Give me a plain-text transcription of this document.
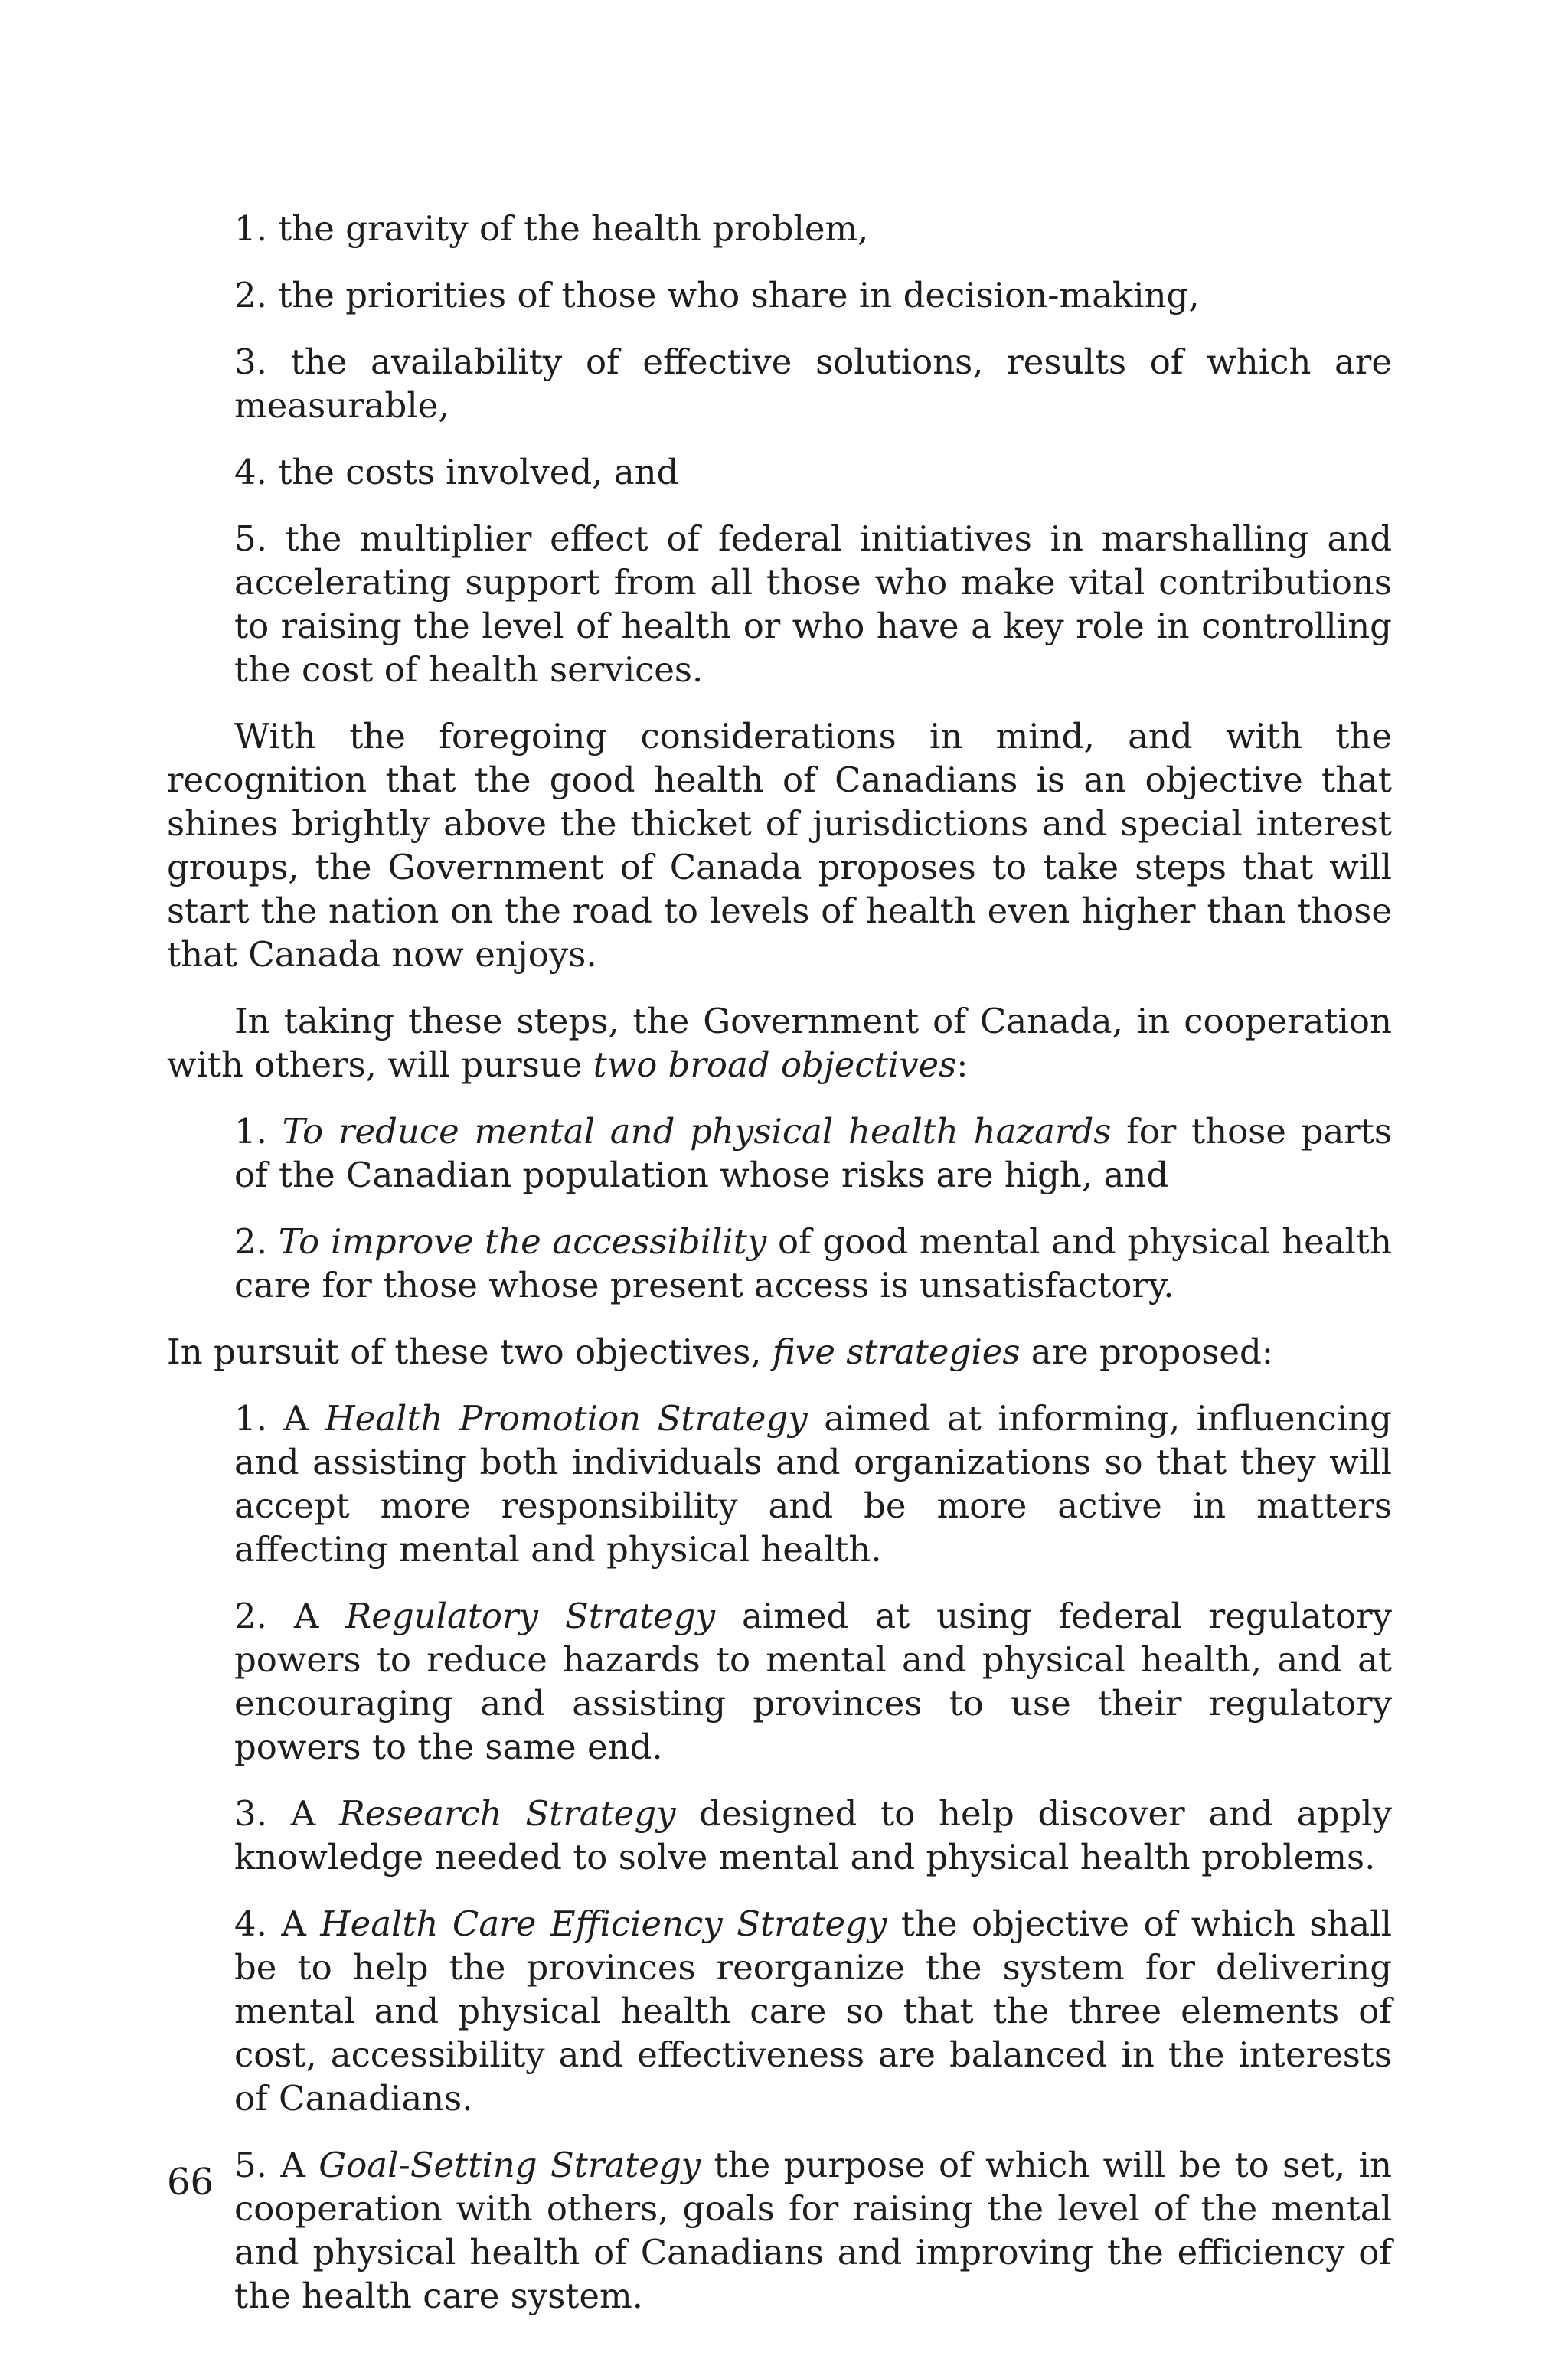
1. the gravity of the health problem,

2. the priorities of those who share in decision-making,

3. the availability of effective solutions, results of which are measurable,

4. the costs involved, and

5. the multiplier effect of federal initiatives in marshalling and accelerating support from all those who make vital contributions to raising the level of health or who have a key role in controlling the cost of health services.

With the foregoing considerations in mind, and with the recognition that the good health of Canadians is an objective that shines brightly above the thicket of jurisdictions and special interest groups, the Government of Canada proposes to take steps that will start the nation on the road to levels of health even higher than those that Canada now enjoys.

In taking these steps, the Government of Canada, in cooperation with others, will pursue two broad objectives:

1. To reduce mental and physical health hazards for those parts of the Canadian population whose risks are high, and

2. To improve the accessibility of good mental and physical health care for those whose present access is unsatisfactory.

In pursuit of these two objectives, five strategies are proposed:

1. A Health Promotion Strategy aimed at informing, influencing and assisting both individuals and organizations so that they will accept more responsibility and be more active in matters affecting mental and physical health.

2. A Regulatory Strategy aimed at using federal regulatory powers to reduce hazards to mental and physical health, and at encouraging and assisting provinces to use their regulatory powers to the same end.

3. A Research Strategy designed to help discover and apply knowledge needed to solve mental and physical health problems.

4. A Health Care Efficiency Strategy the objective of which shall be to help the provinces reorganize the system for delivering mental and physical health care so that the three elements of cost, accessibility and effectiveness are balanced in the interests of Canadians.

5. A Goal-Setting Strategy the purpose of which will be to set, in cooperation with others, goals for raising the level of the mental and physical health of Canadians and improving the efficiency of the health care system.

66
